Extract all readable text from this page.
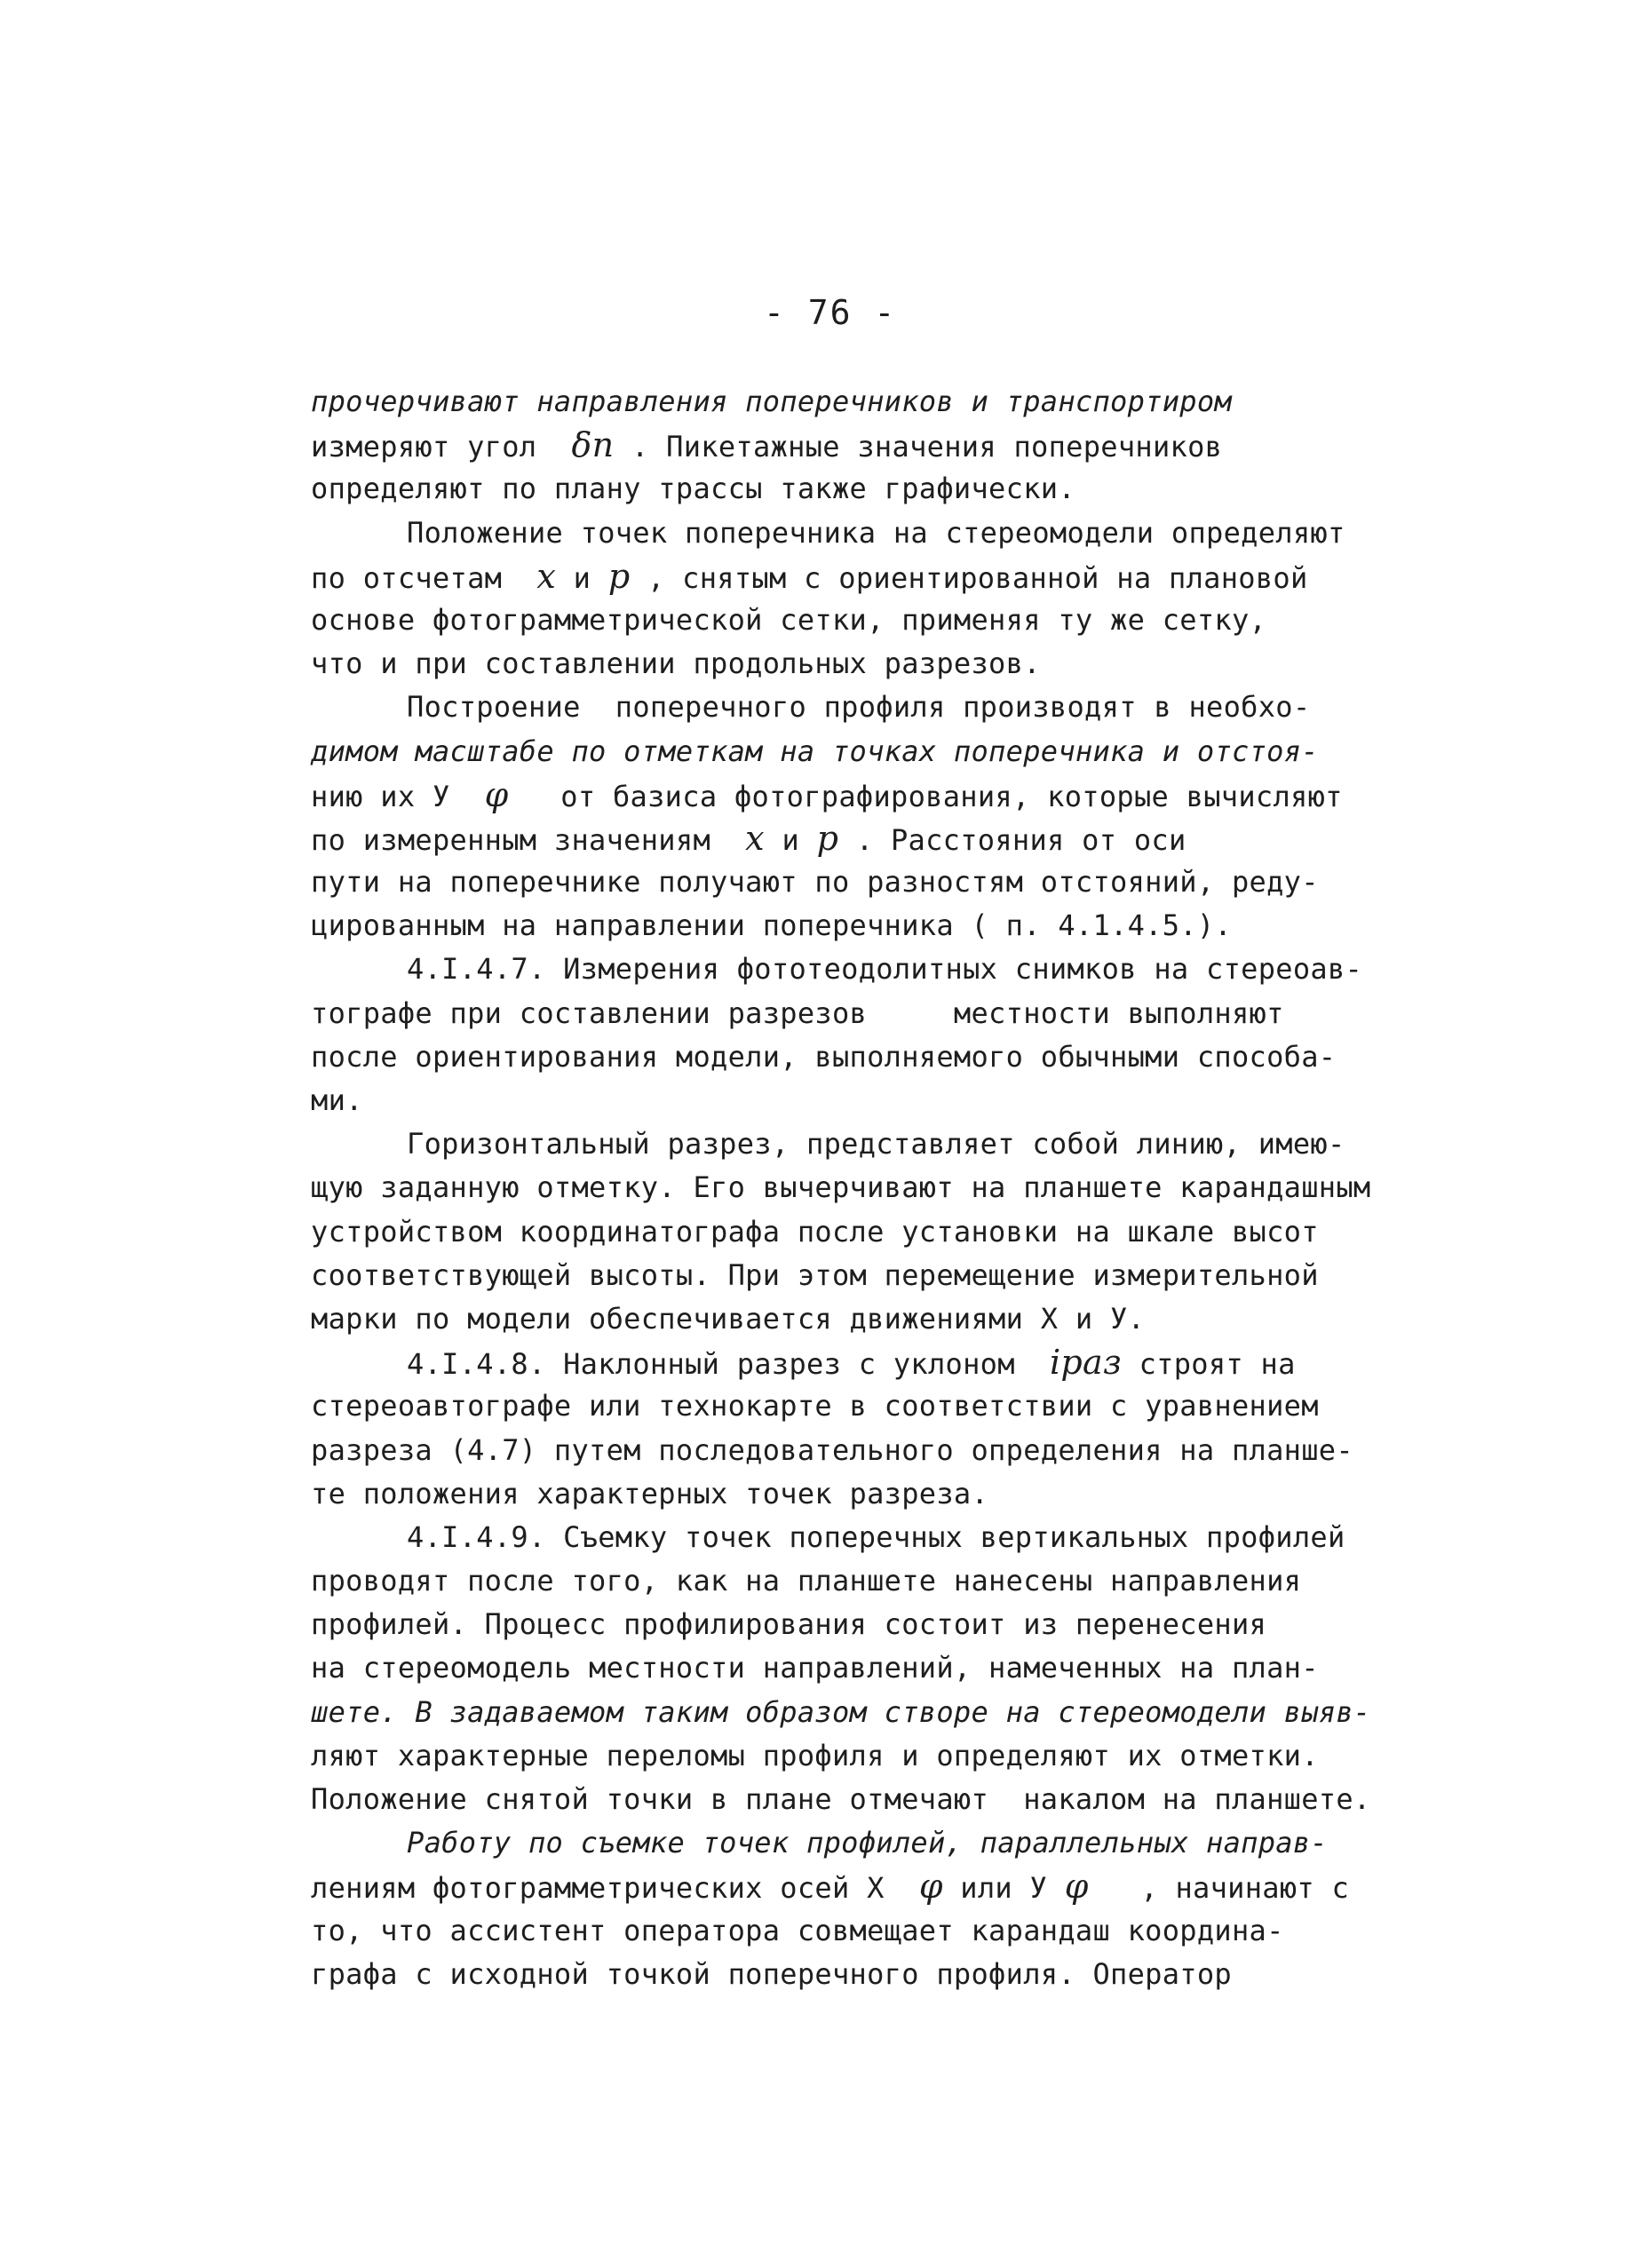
- 76 -
прочерчивают направления поперечников и транспортиром
измеряют угол δn . Пикетажные значения поперечников
определяют по плану трассы также графически.
Положение точек поперечника на стереомодели определяют
по отсчетам x и p , снятым с ориентированной на плановой
основе фотограмметрической сетки, применяя ту же сетку,
что и при составлении продольных разрезов.
Построение  поперечного профиля производят в необхо-
димом масштабе по отметкам на точках поперечника и отстоя-
нию их У φ   от базиса фотографирования, которые вычисляют
по измеренным значениям x и p . Расстояния от оси
пути на поперечнике получают по разностям отстояний, реду-
цированным на направлении поперечника ( п. 4.1.4.5.).
4.I.4.7. Измерения фототеодолитных снимков на стереоав-
тографе при составлении разрезов     местности выполняют
после ориентирования модели, выполняемого обычными способа-
ми.
Горизонтальный разрез, представляет собой линию, имею-
щую заданную отметку. Его вычерчивают на планшете карандашным
устройством координатографа после установки на шкале высот
соответствующей высоты. При этом перемещение измерительной
марки по модели обеспечивается движениями Х и У.
4.I.4.8. Наклонный разрез с уклоном iраз строят на
стереоавтографе или технокарте в соответствии с уравнением
разреза (4.7) путем последовательного определения на планше-
те положения характерных точек разреза.
4.I.4.9. Съемку точек поперечных вертикальных профилей
проводят после того, как на планшете нанесены направления
профилей. Процесс профилирования состоит из перенесения
на стереомодель местности направлений, намеченных на план-
шете. В задаваемом таким образом створе на стереомодели выяв-
ляют характерные переломы профиля и определяют их отметки.
Положение снятой точки в плане отмечают  накалом на планшете.
Работу по съемке точек профилей, параллельных направ-
лениям фотограмметрических осей Х φ или У φ   , начинают с
то, что ассистент оператора совмещает карандаш координа-
графа с исходной точкой поперечного профиля. Оператор
